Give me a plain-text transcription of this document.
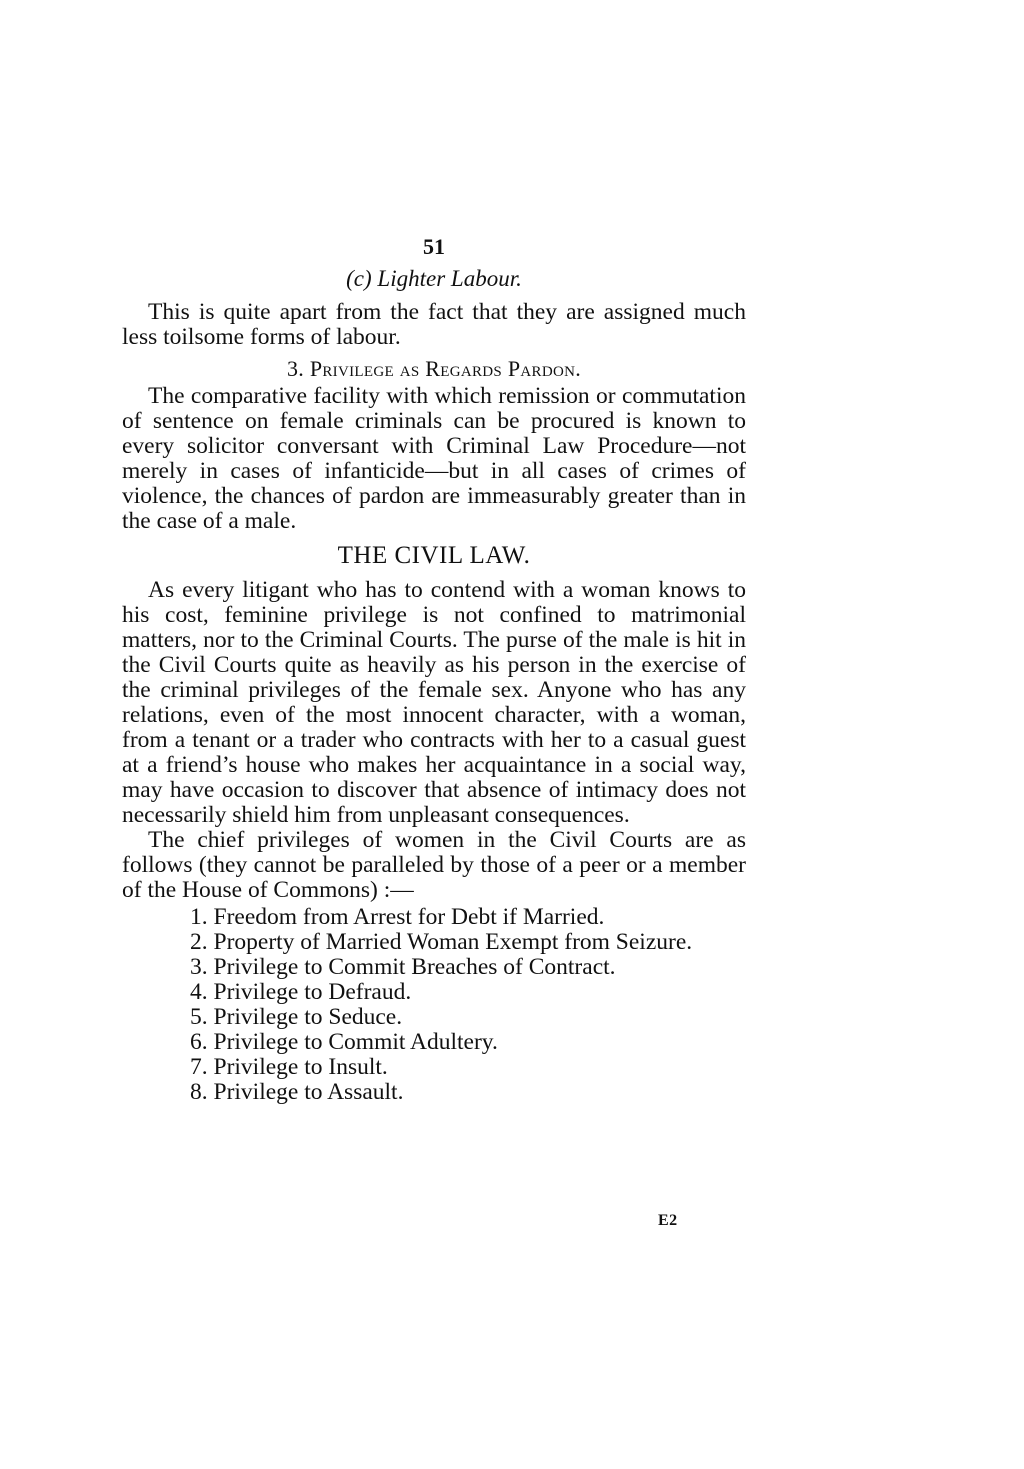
51
(c) Lighter Labour.

This is quite apart from the fact that they are assigned much less toilsome forms of labour.

3. Privilege as Regards Pardon.

The comparative facility with which remission or commutation of sentence on female criminals can be procured is known to every solicitor conversant with Criminal Law Procedure—not merely in cases of infanticide—but in all cases of crimes of violence, the chances of pardon are immeasurably greater than in the case of a male.

THE CIVIL LAW.

As every litigant who has to contend with a woman knows to his cost, feminine privilege is not confined to matrimonial matters, nor to the Criminal Courts. The purse of the male is hit in the Civil Courts quite as heavily as his person in the exercise of the criminal privileges of the female sex. Anyone who has any relations, even of the most innocent character, with a woman, from a tenant or a trader who contracts with her to a casual guest at a friend’s house who makes her acquaintance in a social way, may have occasion to discover that absence of intimacy does not necessarily shield him from unpleasant consequences.

The chief privileges of women in the Civil Courts are as follows (they cannot be paralleled by those of a peer or a member of the House of Commons) :—

1. Freedom from Arrest for Debt if Married.
2. Property of Married Woman Exempt from Seizure.
3. Privilege to Commit Breaches of Contract.
4. Privilege to Defraud.
5. Privilege to Seduce.
6. Privilege to Commit Adultery.
7. Privilege to Insult.
8. Privilege to Assault.
E2
